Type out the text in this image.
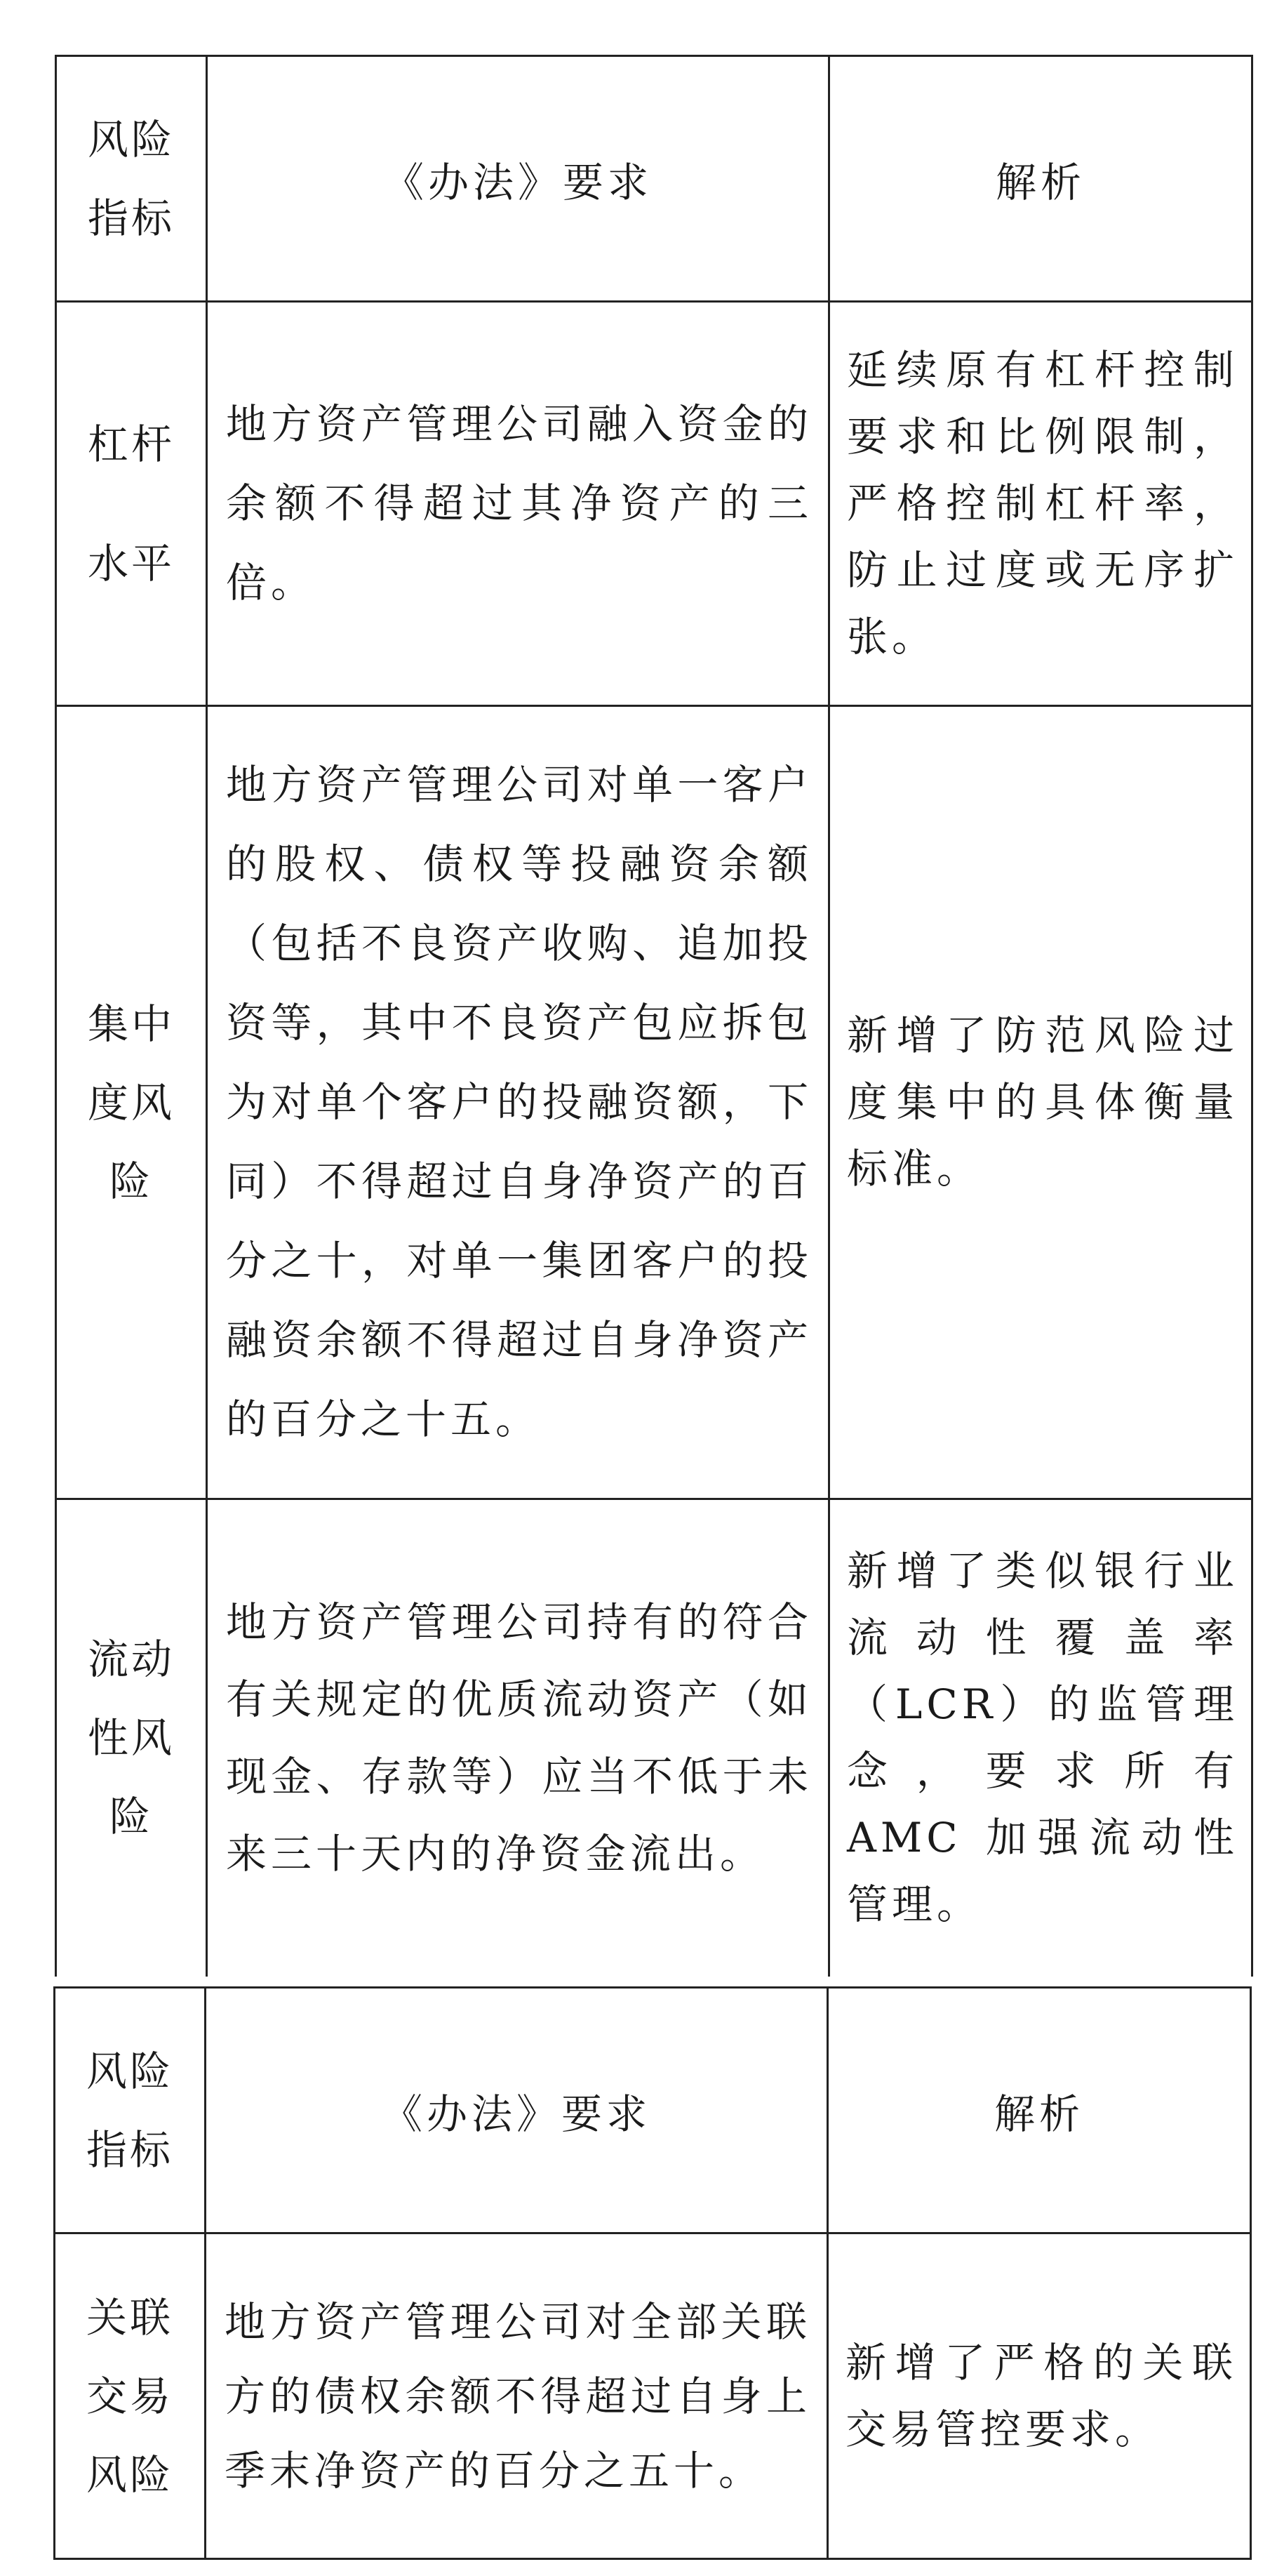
风险指标	《办法》要求	解析
杠杆水平	地方资产管理公司融入资金的余额不得超过其净资产的三倍。	延续原有杠杆控制要求和比例限制，严格控制杠杆率，防止过度或无序扩张。

集中度风险	地方资产管理公司对单一客户的股权、债权等投融资余额（包括不良资产收购、追加投资等，其中不良资产包应拆包为对单个客户的投融资额，下同）不得超过自身净资产的百分之十，对单一集团客户的投融资余额不得超过自身净资产的百分之十五。	新增了防范风险过度集中的具体衡量标准。

流动性风险	地方资产管理公司持有的符合有关规定的优质流动资产（如现金、存款等）应当不低于未来三十天内的净资金流出。	新增了类似银行业流动性覆盖率（LCR）的监管理念，要求所有 AMC 加强流动性管理。
风险指标	《办法》要求	解析
关联交易风险	地方资产管理公司对全部关联方的债权余额不得超过自身上季末净资产的百分之五十。	新增了严格的关联交易管控要求。
